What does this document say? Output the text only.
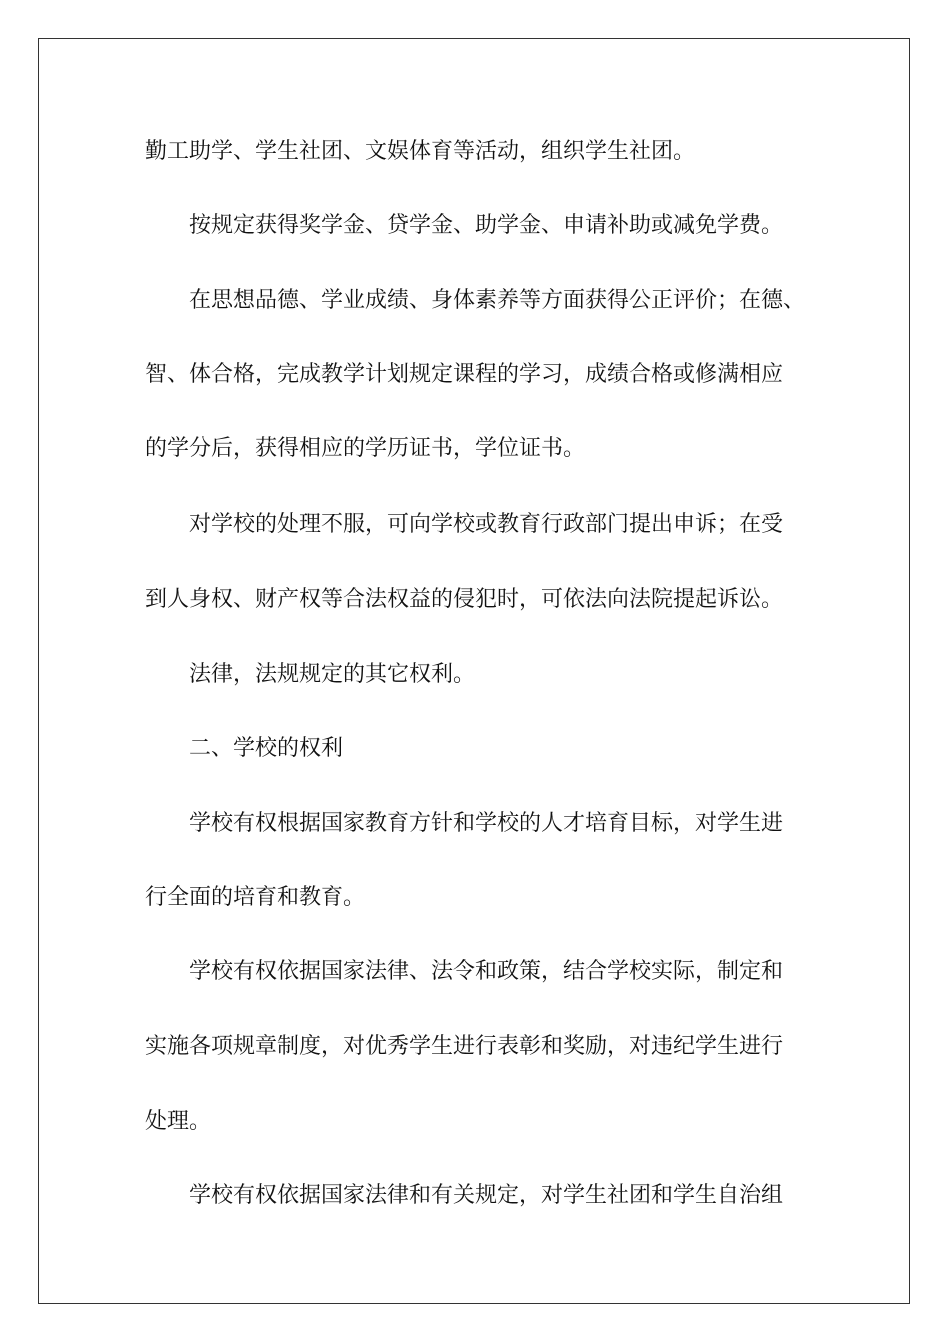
勤工助学、学生社团、文娱体育等活动，组织学生社团。
按规定获得奖学金、贷学金、助学金、申请补助或减免学费。
在思想品德、学业成绩、身体素养等方面获得公正评价；在德、
智、体合格，完成教学计划规定课程的学习，成绩合格或修满相应
的学分后，获得相应的学历证书，学位证书。
对学校的处理不服，可向学校或教育行政部门提出申诉；在受
到人身权、财产权等合法权益的侵犯时，可依法向法院提起诉讼。
法律，法规规定的其它权利。
二、学校的权利
学校有权根据国家教育方针和学校的人才培育目标，对学生进
行全面的培育和教育。
学校有权依据国家法律、法令和政策，结合学校实际，制定和
实施各项规章制度，对优秀学生进行表彰和奖励，对违纪学生进行
处理。
学校有权依据国家法律和有关规定，对学生社团和学生自治组
